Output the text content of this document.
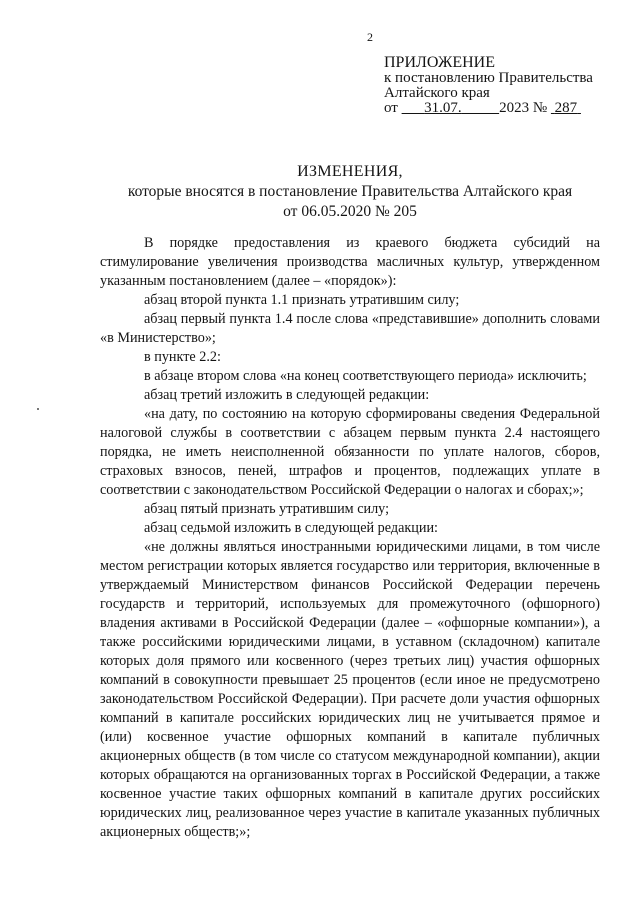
2
ПРИЛОЖЕНИЕ
к постановлению Правительства
Алтайского края
от 31.07.	2023 № 287
ИЗМЕНЕНИЯ,
которые вносятся в постановление Правительства Алтайского края
от 06.05.2020 № 205

В порядке предоставления из краевого бюджета субсидий на стимулирование увеличения производства масличных культур, утвержденном указанным постановлением (далее – «порядок»):

абзац второй пункта 1.1 признать утратившим силу;

абзац первый пункта 1.4 после слова «представившие» дополнить словами «в Министерство»;

в пункте 2.2:

в абзаце втором слова «на конец соответствующего периода» исключить;

абзац третий изложить в следующей редакции:

«на дату, по состоянию на которую сформированы сведения Федеральной налоговой службы в соответствии с абзацем первым пункта 2.4 настоящего порядка, не иметь неисполненной обязанности по уплате налогов, сборов, страховых взносов, пеней, штрафов и процентов, подлежащих уплате в соответствии с законодательством Российской Федерации о налогах и сборах;»;

абзац пятый признать утратившим силу;

абзац седьмой изложить в следующей редакции:

«не должны являться иностранными юридическими лицами, в том числе местом регистрации которых является государство или территория, включенные в утверждаемый Министерством финансов Российской Федерации перечень государств и территорий, используемых для промежуточного (офшорного) владения активами в Российской Федерации (далее – «офшорные компании»), а также российскими юридическими лицами, в уставном (складочном) капитале которых доля прямого или косвенного (через третьих лиц) участия офшорных компаний в совокупности превышает 25 процентов (если иное не предусмотрено законодательством Российской Федерации). При расчете доли участия офшорных компаний в капитале российских юридических лиц не учитывается прямое и (или) косвенное участие офшорных компаний в капитале публичных акционерных обществ (в том числе со статусом международной компании), акции которых обращаются на организованных торгах в Российской Федерации, а также косвенное участие таких офшорных компаний в капитале других российских юридических лиц, реализованное через участие в капитале указанных публичных акционерных обществ;»;
